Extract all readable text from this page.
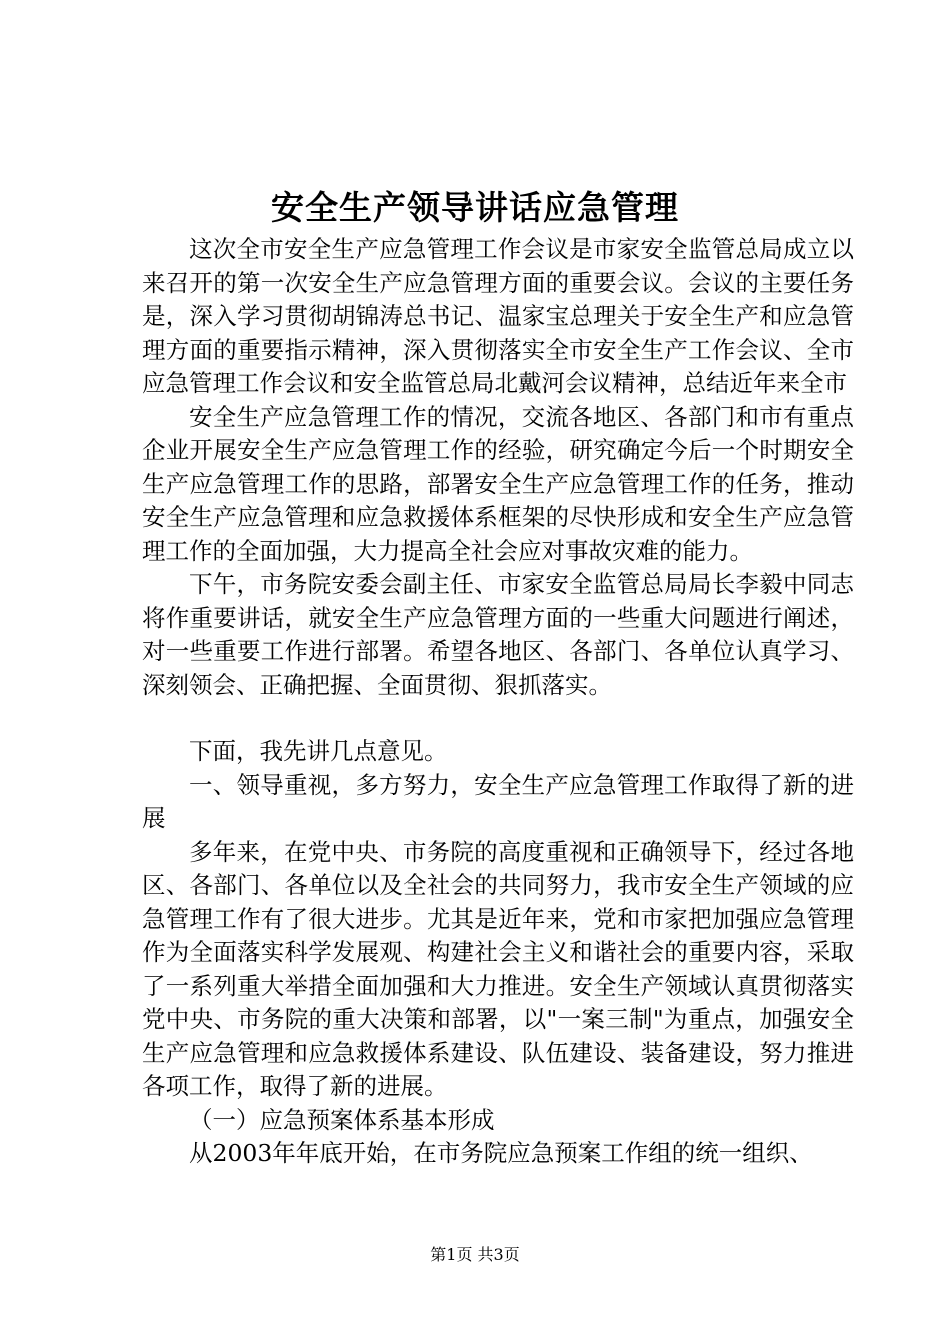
安全生产领导讲话应急管理

这次全市安全生产应急管理工作会议是市家安全监管总局成立以来召开的第一次安全生产应急管理方面的重要会议。会议的主要任务是，深入学习贯彻胡锦涛总书记、温家宝总理关于安全生产和应急管理方面的重要指示精神，深入贯彻落实全市安全生产工作会议、全市应急管理工作会议和安全监管总局北戴河会议精神，总结近年来全市

安全生产应急管理工作的情况，交流各地区、各部门和市有重点企业开展安全生产应急管理工作的经验，研究确定今后一个时期安全生产应急管理工作的思路，部署安全生产应急管理工作的任务，推动安全生产应急管理和应急救援体系框架的尽快形成和安全生产应急管理工作的全面加强，大力提高全社会应对事故灾难的能力。

下午，市务院安委会副主任、市家安全监管总局局长李毅中同志将作重要讲话，就安全生产应急管理方面的一些重大问题进行阐述，对一些重要工作进行部署。希望各地区、各部门、各单位认真学习、深刻领会、正确把握、全面贯彻、狠抓落实。

下面，我先讲几点意见。

一、领导重视，多方努力，安全生产应急管理工作取得了新的进展

多年来，在党中央、市务院的高度重视和正确领导下，经过各地区、各部门、各单位以及全社会的共同努力，我市安全生产领域的应急管理工作有了很大进步。尤其是近年来，党和市家把加强应急管理作为全面落实科学发展观、构建社会主义和谐社会的重要内容，采取了一系列重大举措全面加强和大力推进。安全生产领域认真贯彻落实党中央、市务院的重大决策和部署，以"一案三制"为重点，加强安全生产应急管理和应急救援体系建设、队伍建设、装备建设，努力推进各项工作，取得了新的进展。

（一）应急预案体系基本形成

从2003年年底开始，在市务院应急预案工作组的统一组织、

第1页 共3页
